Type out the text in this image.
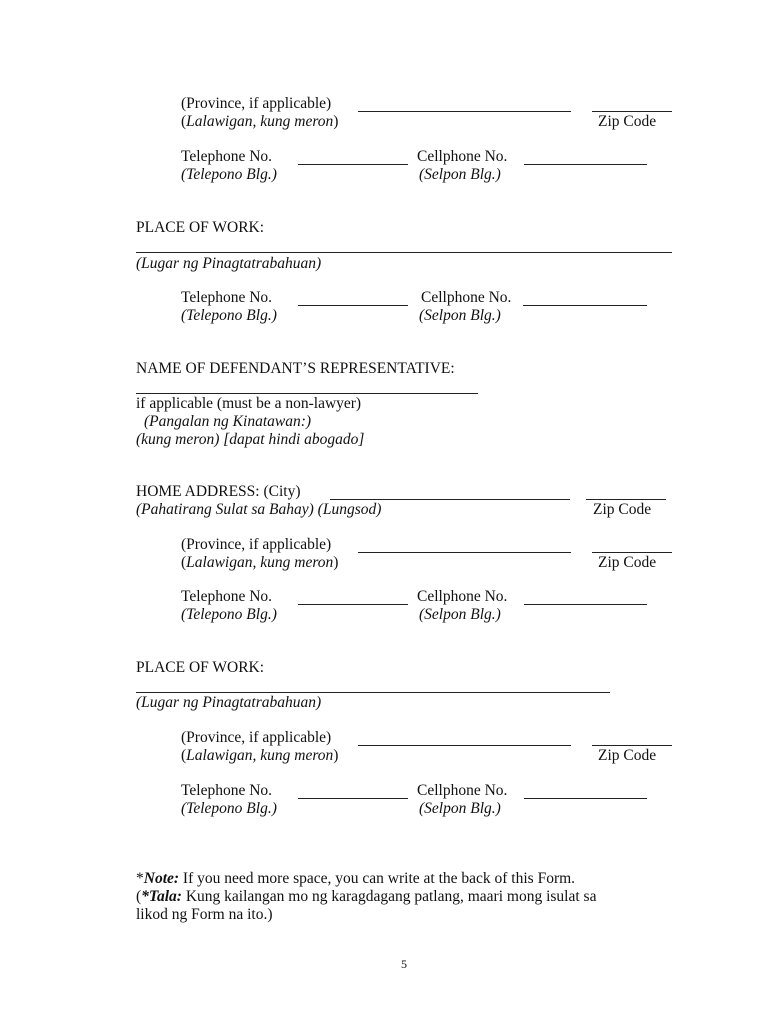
(Province, if applicable)
(Lalawigan, kung meron)	Zip Code
Telephone No.	Cellphone No.
(Telepono Blg.)	(Selpon Blg.)
PLACE OF WORK:
(Lugar ng Pinagtatrabahuan)
Telephone No.	Cellphone No.
(Telepono Blg.)	(Selpon Blg.)
NAME OF DEFENDANT’S REPRESENTATIVE:
if applicable (must be a non-lawyer)
(Pangalan ng Kinatawan:)
(kung meron) [dapat hindi abogado]
HOME ADDRESS: (City)
(Pahatirang Sulat sa Bahay) (Lungsod)	Zip Code
(Province, if applicable)
(Lalawigan, kung meron)	Zip Code
Telephone No.	Cellphone No.
(Telepono Blg.)	(Selpon Blg.)
PLACE OF WORK:
(Lugar ng Pinagtatrabahuan)
(Province, if applicable)
(Lalawigan, kung meron)	Zip Code
Telephone No.	Cellphone No.
(Telepono Blg.)	(Selpon Blg.)
*Note: If you need more space, you can write at the back of this Form.
(*Tala: Kung kailangan mo ng karagdagang patlang, maari mong isulat sa
likod ng Form na ito.)
5
